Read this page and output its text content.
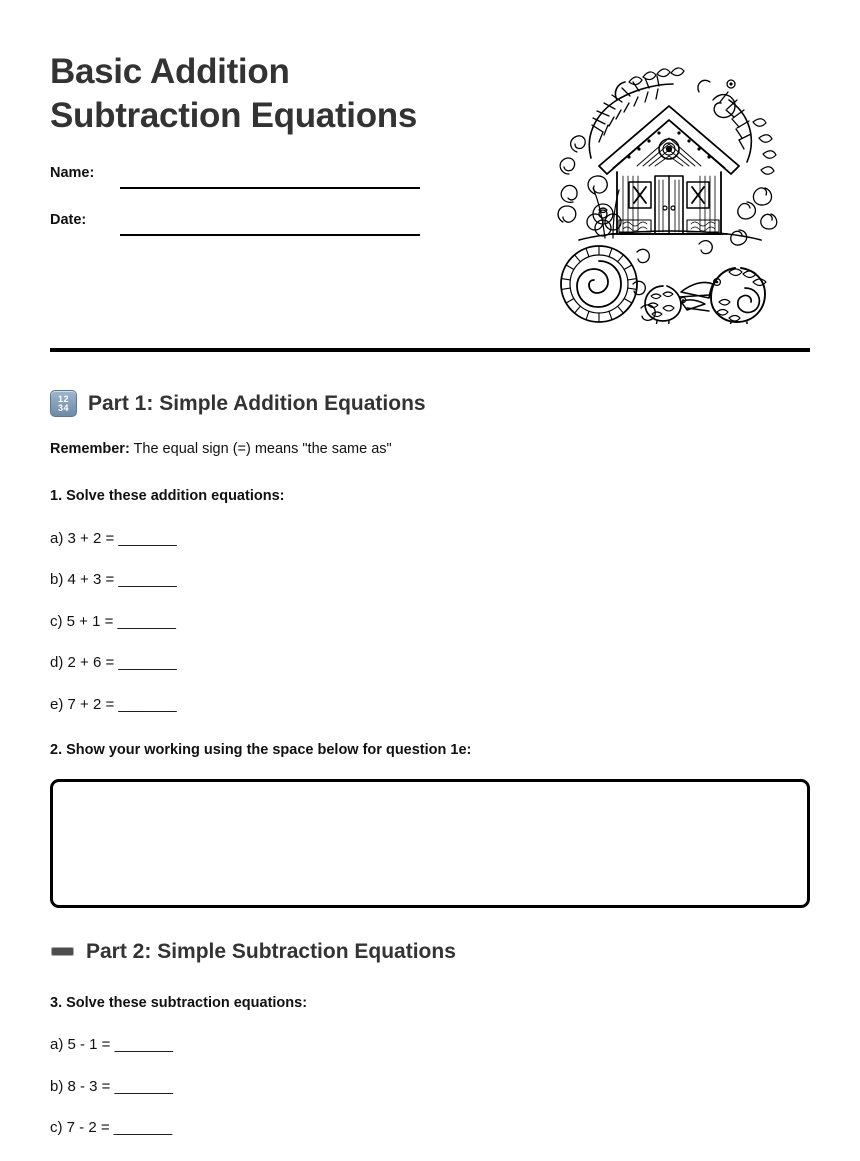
Basic Addition
Subtraction Equations
Name:
Date:
12
34 Part 1: Simple Addition Equations
Remember: The equal sign (=) means "the same as"
1. Solve these addition equations:
a) 3 + 2 = _______
b) 4 + 3 = _______
c) 5 + 1 = _______
d) 2 + 6 = _______
e) 7 + 2 = _______
2. Show your working using the space below for question 1e:
Part 2: Simple Subtraction Equations
3. Solve these subtraction equations:
a) 5 - 1 = _______
b) 8 - 3 = _______
c) 7 - 2 = _______
